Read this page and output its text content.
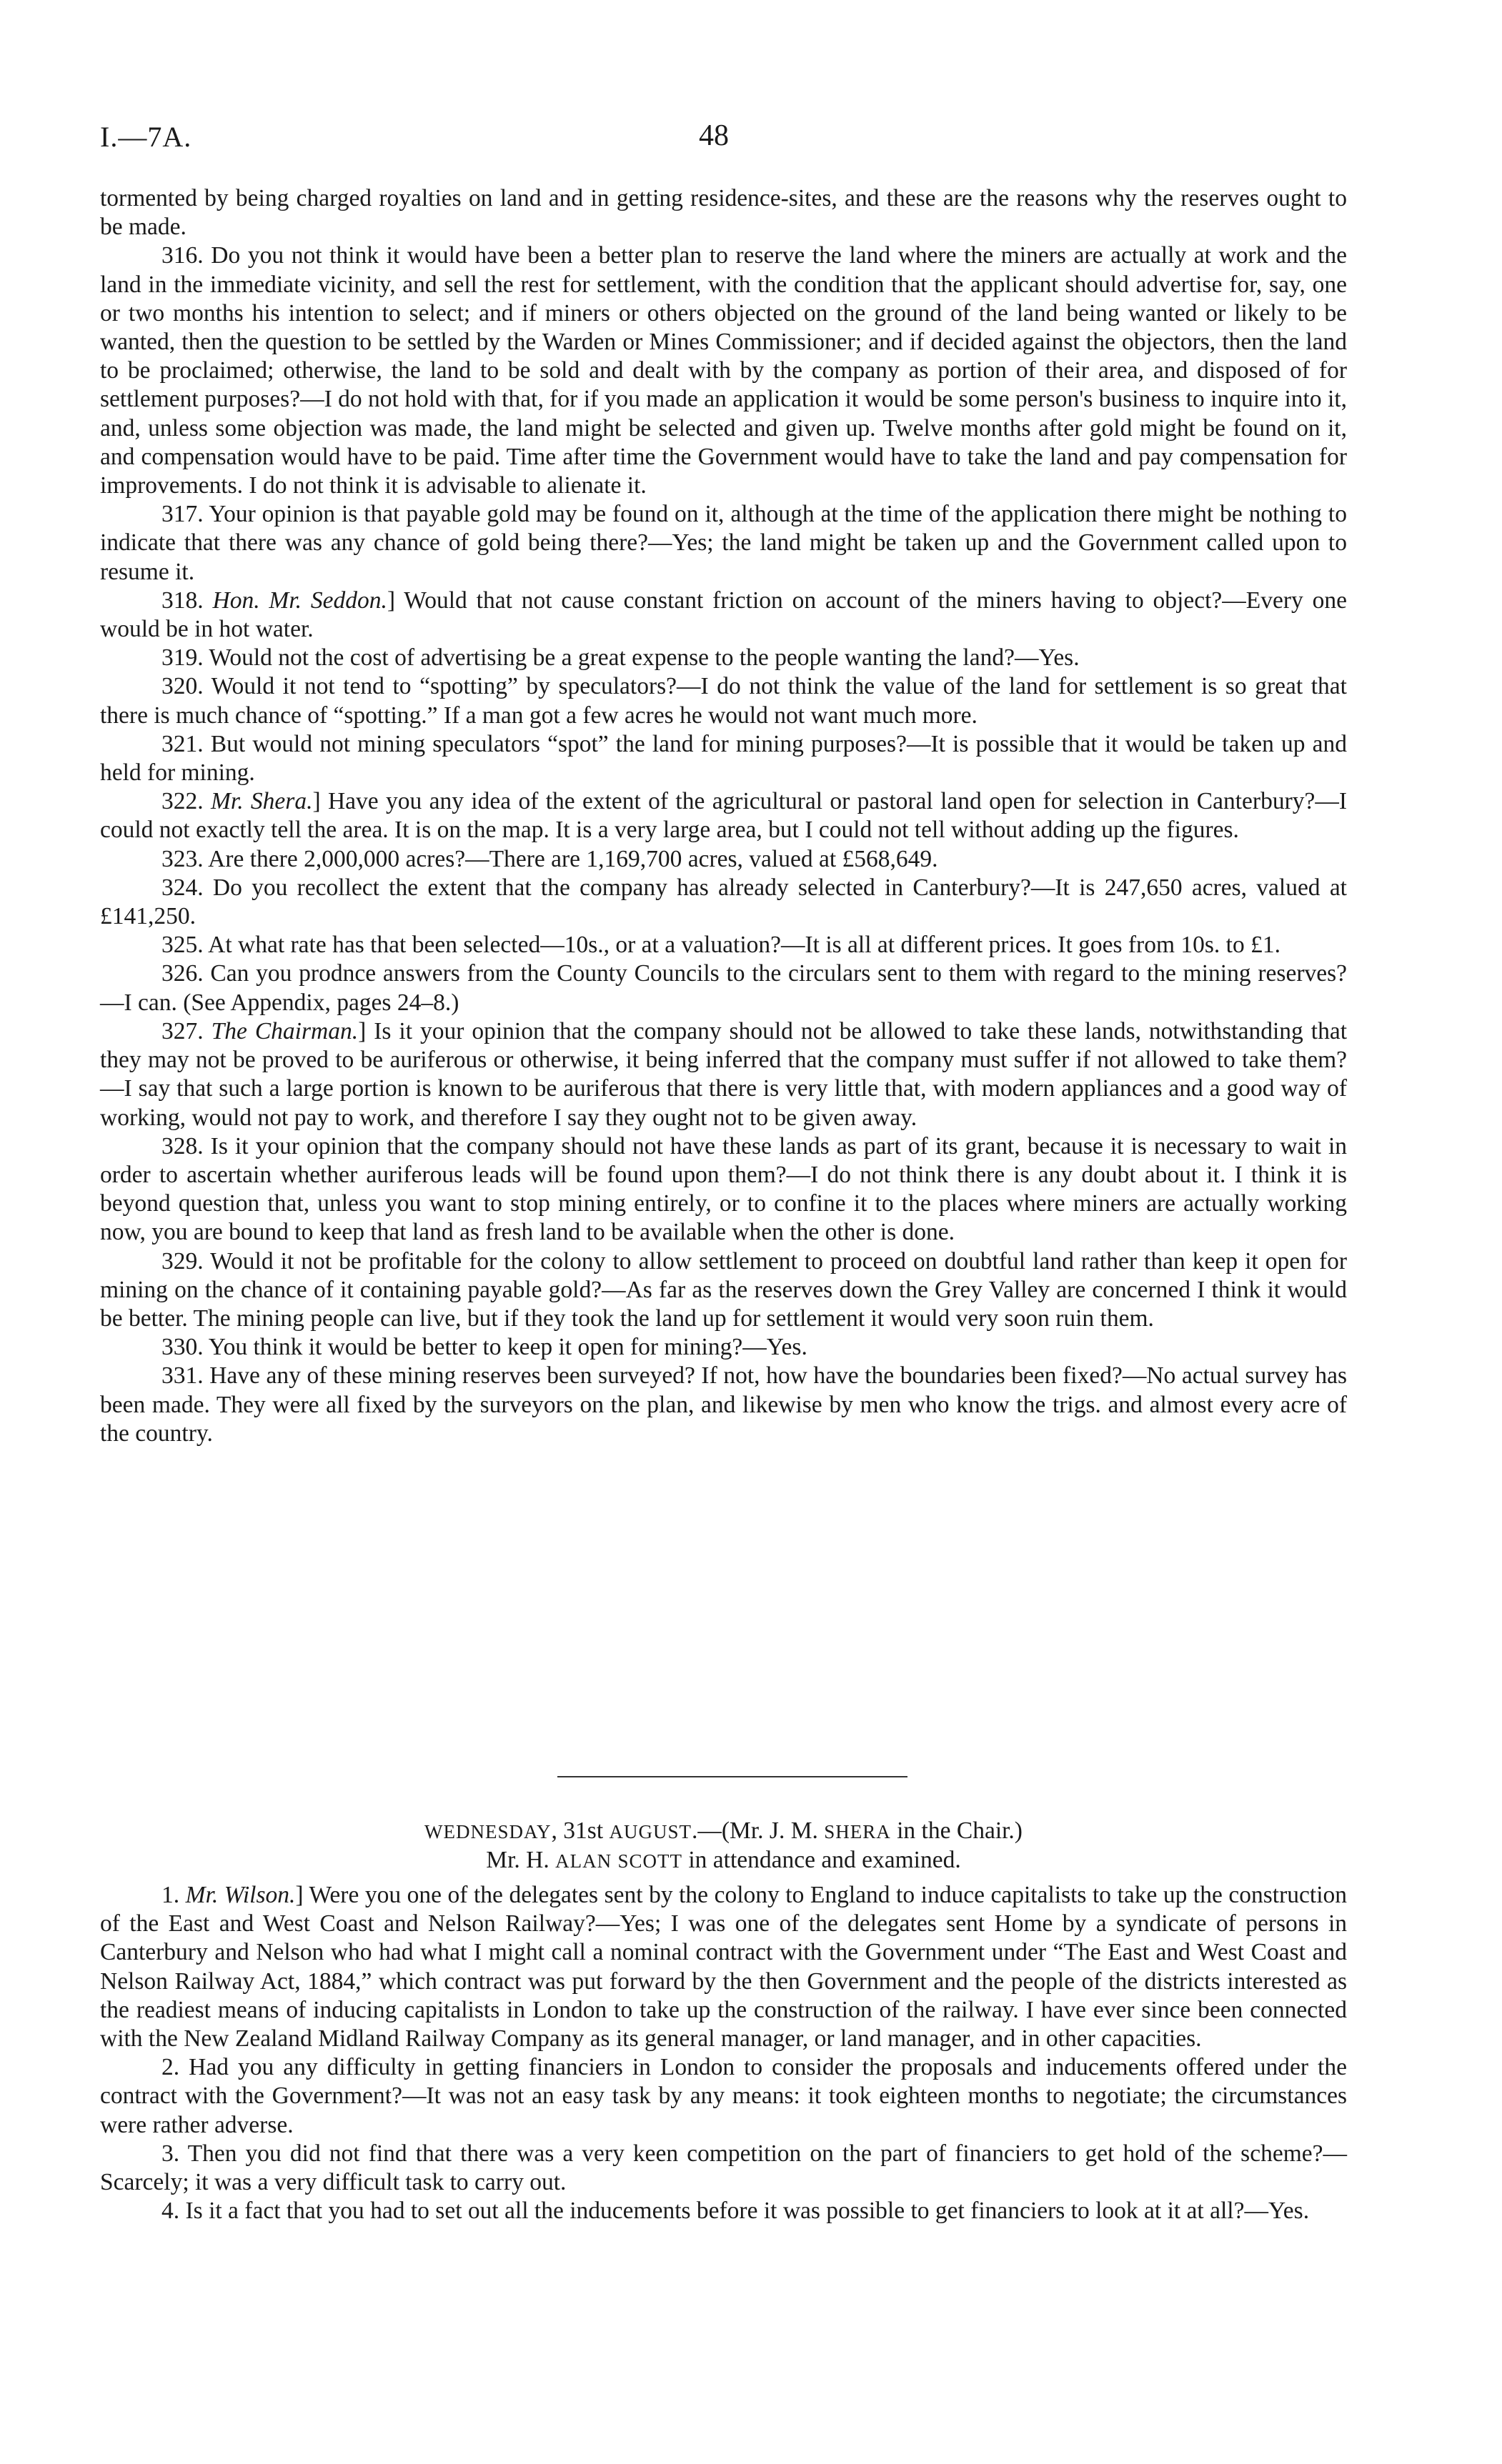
I.—7A.	48

tormented by being charged royalties on land and in getting residence-sites, and these are the reasons why the reserves ought to be made.

316. Do you not think it would have been a better plan to reserve the land where the miners are actually at work and the land in the immediate vicinity, and sell the rest for settlement, with the condition that the applicant should advertise for, say, one or two months his intention to select; and if miners or others objected on the ground of the land being wanted or likely to be wanted, then the question to be settled by the Warden or Mines Commissioner; and if decided against the objectors, then the land to be proclaimed; otherwise, the land to be sold and dealt with by the company as portion of their area, and disposed of for settlement purposes?—I do not hold with that, for if you made an application it would be some person's business to inquire into it, and, unless some objection was made, the land might be selected and given up. Twelve months after gold might be found on it, and compensation would have to be paid. Time after time the Government would have to take the land and pay compensation for improvements. I do not think it is advisable to alienate it.

317. Your opinion is that payable gold may be found on it, although at the time of the application there might be nothing to indicate that there was any chance of gold being there?—Yes; the land might be taken up and the Government called upon to resume it.

318. Hon. Mr. Seddon.] Would that not cause constant friction on account of the miners having to object?—Every one would be in hot water.

319. Would not the cost of advertising be a great expense to the people wanting the land?—Yes.

320. Would it not tend to “spotting” by speculators?—I do not think the value of the land for settlement is so great that there is much chance of “spotting.” If a man got a few acres he would not want much more.

321. But would not mining speculators “spot” the land for mining purposes?—It is possible that it would be taken up and held for mining.

322. Mr. Shera.] Have you any idea of the extent of the agricultural or pastoral land open for selection in Canterbury?—I could not exactly tell the area. It is on the map. It is a very large area, but I could not tell without adding up the figures.

323. Are there 2,000,000 acres?—There are 1,169,700 acres, valued at £568,649.

324. Do you recollect the extent that the company has already selected in Canterbury?—It is 247,650 acres, valued at £141,250.

325. At what rate has that been selected—10s., or at a valuation?—It is all at different prices. It goes from 10s. to £1.

326. Can you prodnce answers from the County Councils to the circulars sent to them with regard to the mining reserves?—I can. (See Appendix, pages 24–8.)

327. The Chairman.] Is it your opinion that the company should not be allowed to take these lands, notwithstanding that they may not be proved to be auriferous or otherwise, it being inferred that the company must suffer if not allowed to take them?—I say that such a large portion is known to be auriferous that there is very little that, with modern appliances and a good way of working, would not pay to work, and therefore I say they ought not to be given away.

328. Is it your opinion that the company should not have these lands as part of its grant, because it is necessary to wait in order to ascertain whether auriferous leads will be found upon them?—I do not think there is any doubt about it. I think it is beyond question that, unless you want to stop mining entirely, or to confine it to the places where miners are actually working now, you are bound to keep that land as fresh land to be available when the other is done.

329. Would it not be profitable for the colony to allow settlement to proceed on doubtful land rather than keep it open for mining on the chance of it containing payable gold?—As far as the reserves down the Grey Valley are concerned I think it would be better. The mining people can live, but if they took the land up for settlement it would very soon ruin them.

330. You think it would be better to keep it open for mining?—Yes.

331. Have any of these mining reserves been surveyed? If not, how have the boundaries been fixed?—No actual survey has been made. They were all fixed by the surveyors on the plan, and likewise by men who know the trigs. and almost every acre of the country.

WEDNESDAY, 31st AUGUST.—(Mr. J. M. SHERA in the Chair.)
Mr. H. ALAN SCOTT in attendance and examined.

1. Mr. Wilson.] Were you one of the delegates sent by the colony to England to induce capitalists to take up the construction of the East and West Coast and Nelson Railway?—Yes; I was one of the delegates sent Home by a syndicate of persons in Canterbury and Nelson who had what I might call a nominal contract with the Government under “The East and West Coast and Nelson Railway Act, 1884,” which contract was put forward by the then Government and the people of the districts interested as the readiest means of inducing capitalists in London to take up the construction of the railway. I have ever since been connected with the New Zealand Midland Railway Company as its general manager, or land manager, and in other capacities.

2. Had you any difficulty in getting financiers in London to consider the proposals and inducements offered under the contract with the Government?—It was not an easy task by any means: it took eighteen months to negotiate; the circumstances were rather adverse.

3. Then you did not find that there was a very keen competition on the part of financiers to get hold of the scheme?—Scarcely; it was a very difficult task to carry out.

4. Is it a fact that you had to set out all the inducements before it was possible to get financiers to look at it at all?—Yes.
